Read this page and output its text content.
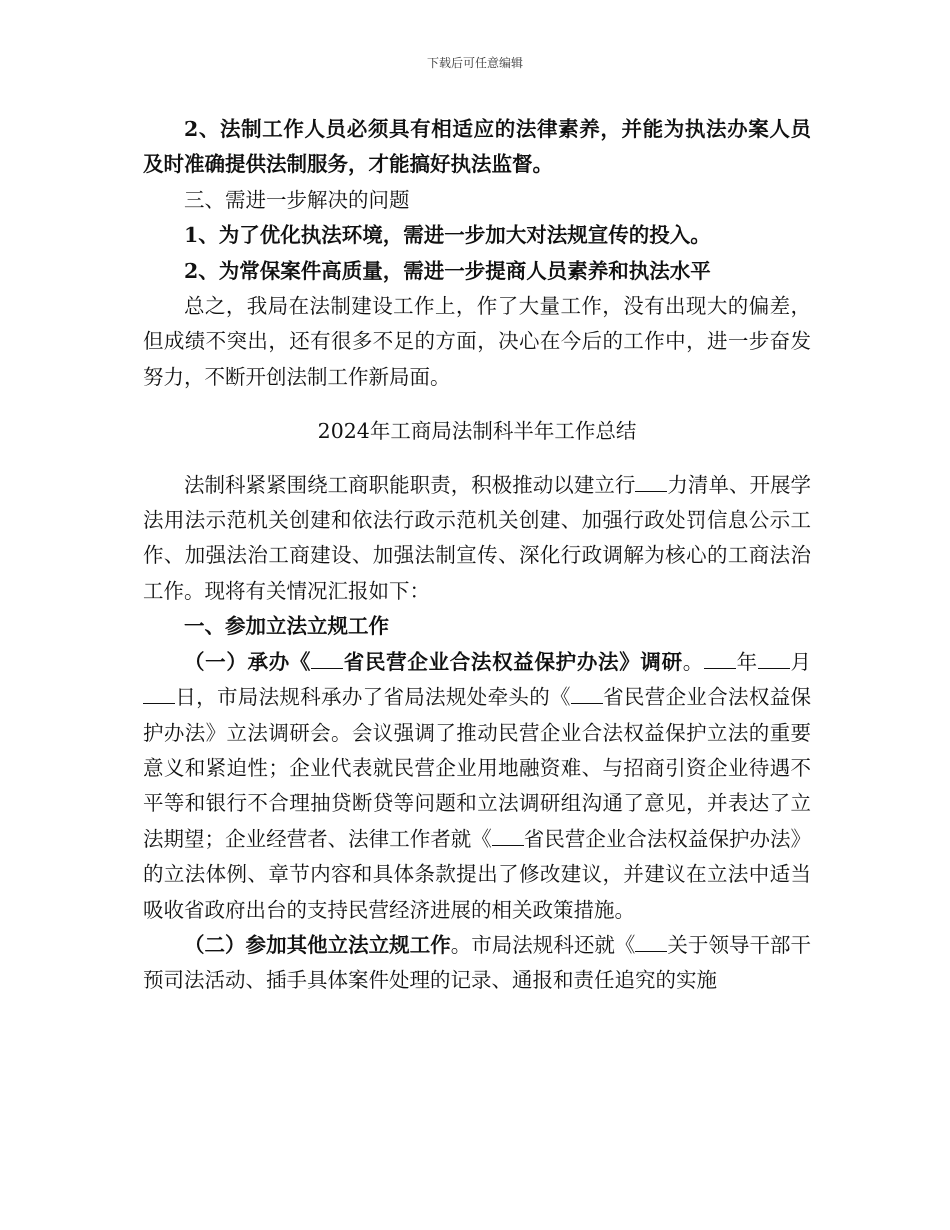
下载后可任意编辑

2、法制工作人员必须具有相适应的法律素养，并能为执法办案人员及时准确提供法制服务，才能搞好执法监督。

三、需进一步解决的问题

1、为了优化执法环境，需进一步加大对法规宣传的投入。

2、为常保案件高质量，需进一步提商人员素养和执法水平

总之，我局在法制建设工作上，作了大量工作，没有出现大的偏差，但成绩不突出，还有很多不足的方面，决心在今后的工作中，进一步奋发努力，不断开创法制工作新局面。

2024年工商局法制科半年工作总结

法制科紧紧围绕工商职能职责，积极推动以建立行 力清单、开展学法用法示范机关创建和依法行政示范机关创建、加强行政处罚信息公示工作、加强法治工商建设、加强法制宣传、深化行政调解为核心的工商法治工作。现将有关情况汇报如下：

一、参加立法立规工作

（一）承办《 省民营企业合法权益保护办法》调研。 年 月日，市局法规科承办了省局法规处牵头的《 省民营企业合法权益保护办法》立法调研会。会议强调了推动民营企业合法权益保护立法的重要意义和紧迫性；企业代表就民营企业用地融资难、与招商引资企业待遇不平等和银行不合理抽贷断贷等问题和立法调研组沟通了意见，并表达了立法期望；企业经营者、法律工作者就《 省民营企业合法权益保护办法》的立法体例、章节内容和具体条款提出了修改建议，并建议在立法中适当吸收省政府出台的支持民营经济进展的相关政策措施。

（二）参加其他立法立规工作。市局法规科还就《 关于领导干部干预司法活动、插手具体案件处理的记录、通报和责任追究的实施
